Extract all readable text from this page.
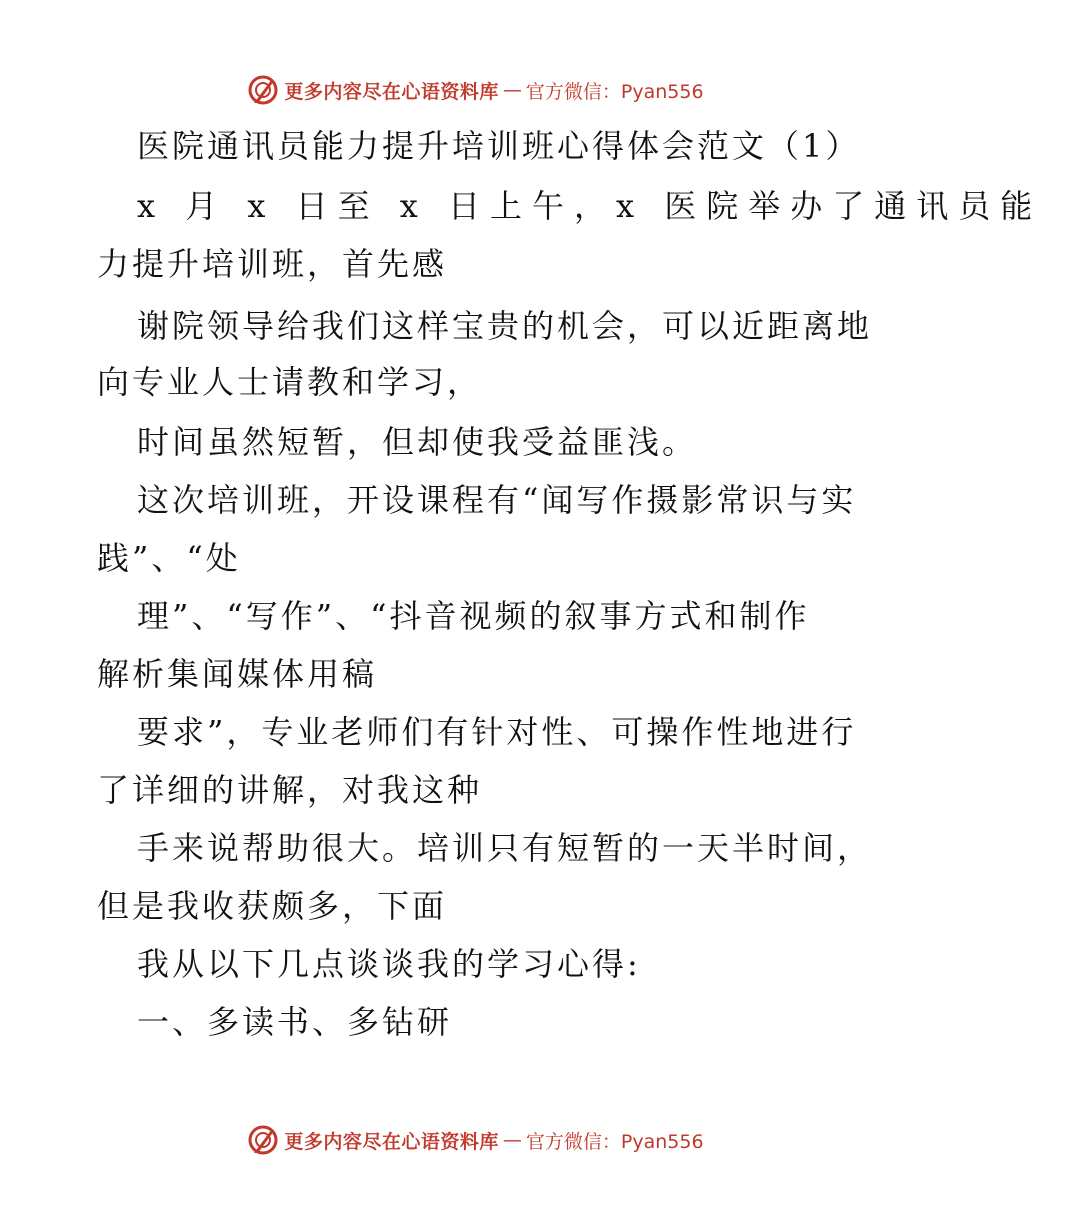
更多内容尽在心语资料库 — 官方微信：Pyan556
医院通讯员能力提升培训班心得体会范文（1）
x 月 x 日至 x 日上午，x 医院举办了通讯员能
力提升培训班，首先感
谢院领导给我们这样宝贵的机会，可以近距离地
向专业人士请教和学习，
时间虽然短暂，但却使我受益匪浅。
这次培训班，开设课程有“闻写作摄影常识与实
践”、“处
理”、“写作”、“抖音视频的叙事方式和制作
解析集闻媒体用稿
要求”，专业老师们有针对性、可操作性地进行
了详细的讲解，对我这种
手来说帮助很大。培训只有短暂的一天半时间，
但是我收获颇多，下面
我从以下几点谈谈我的学习心得:
一、多读书、多钻研
更多内容尽在心语资料库 — 官方微信：Pyan556
